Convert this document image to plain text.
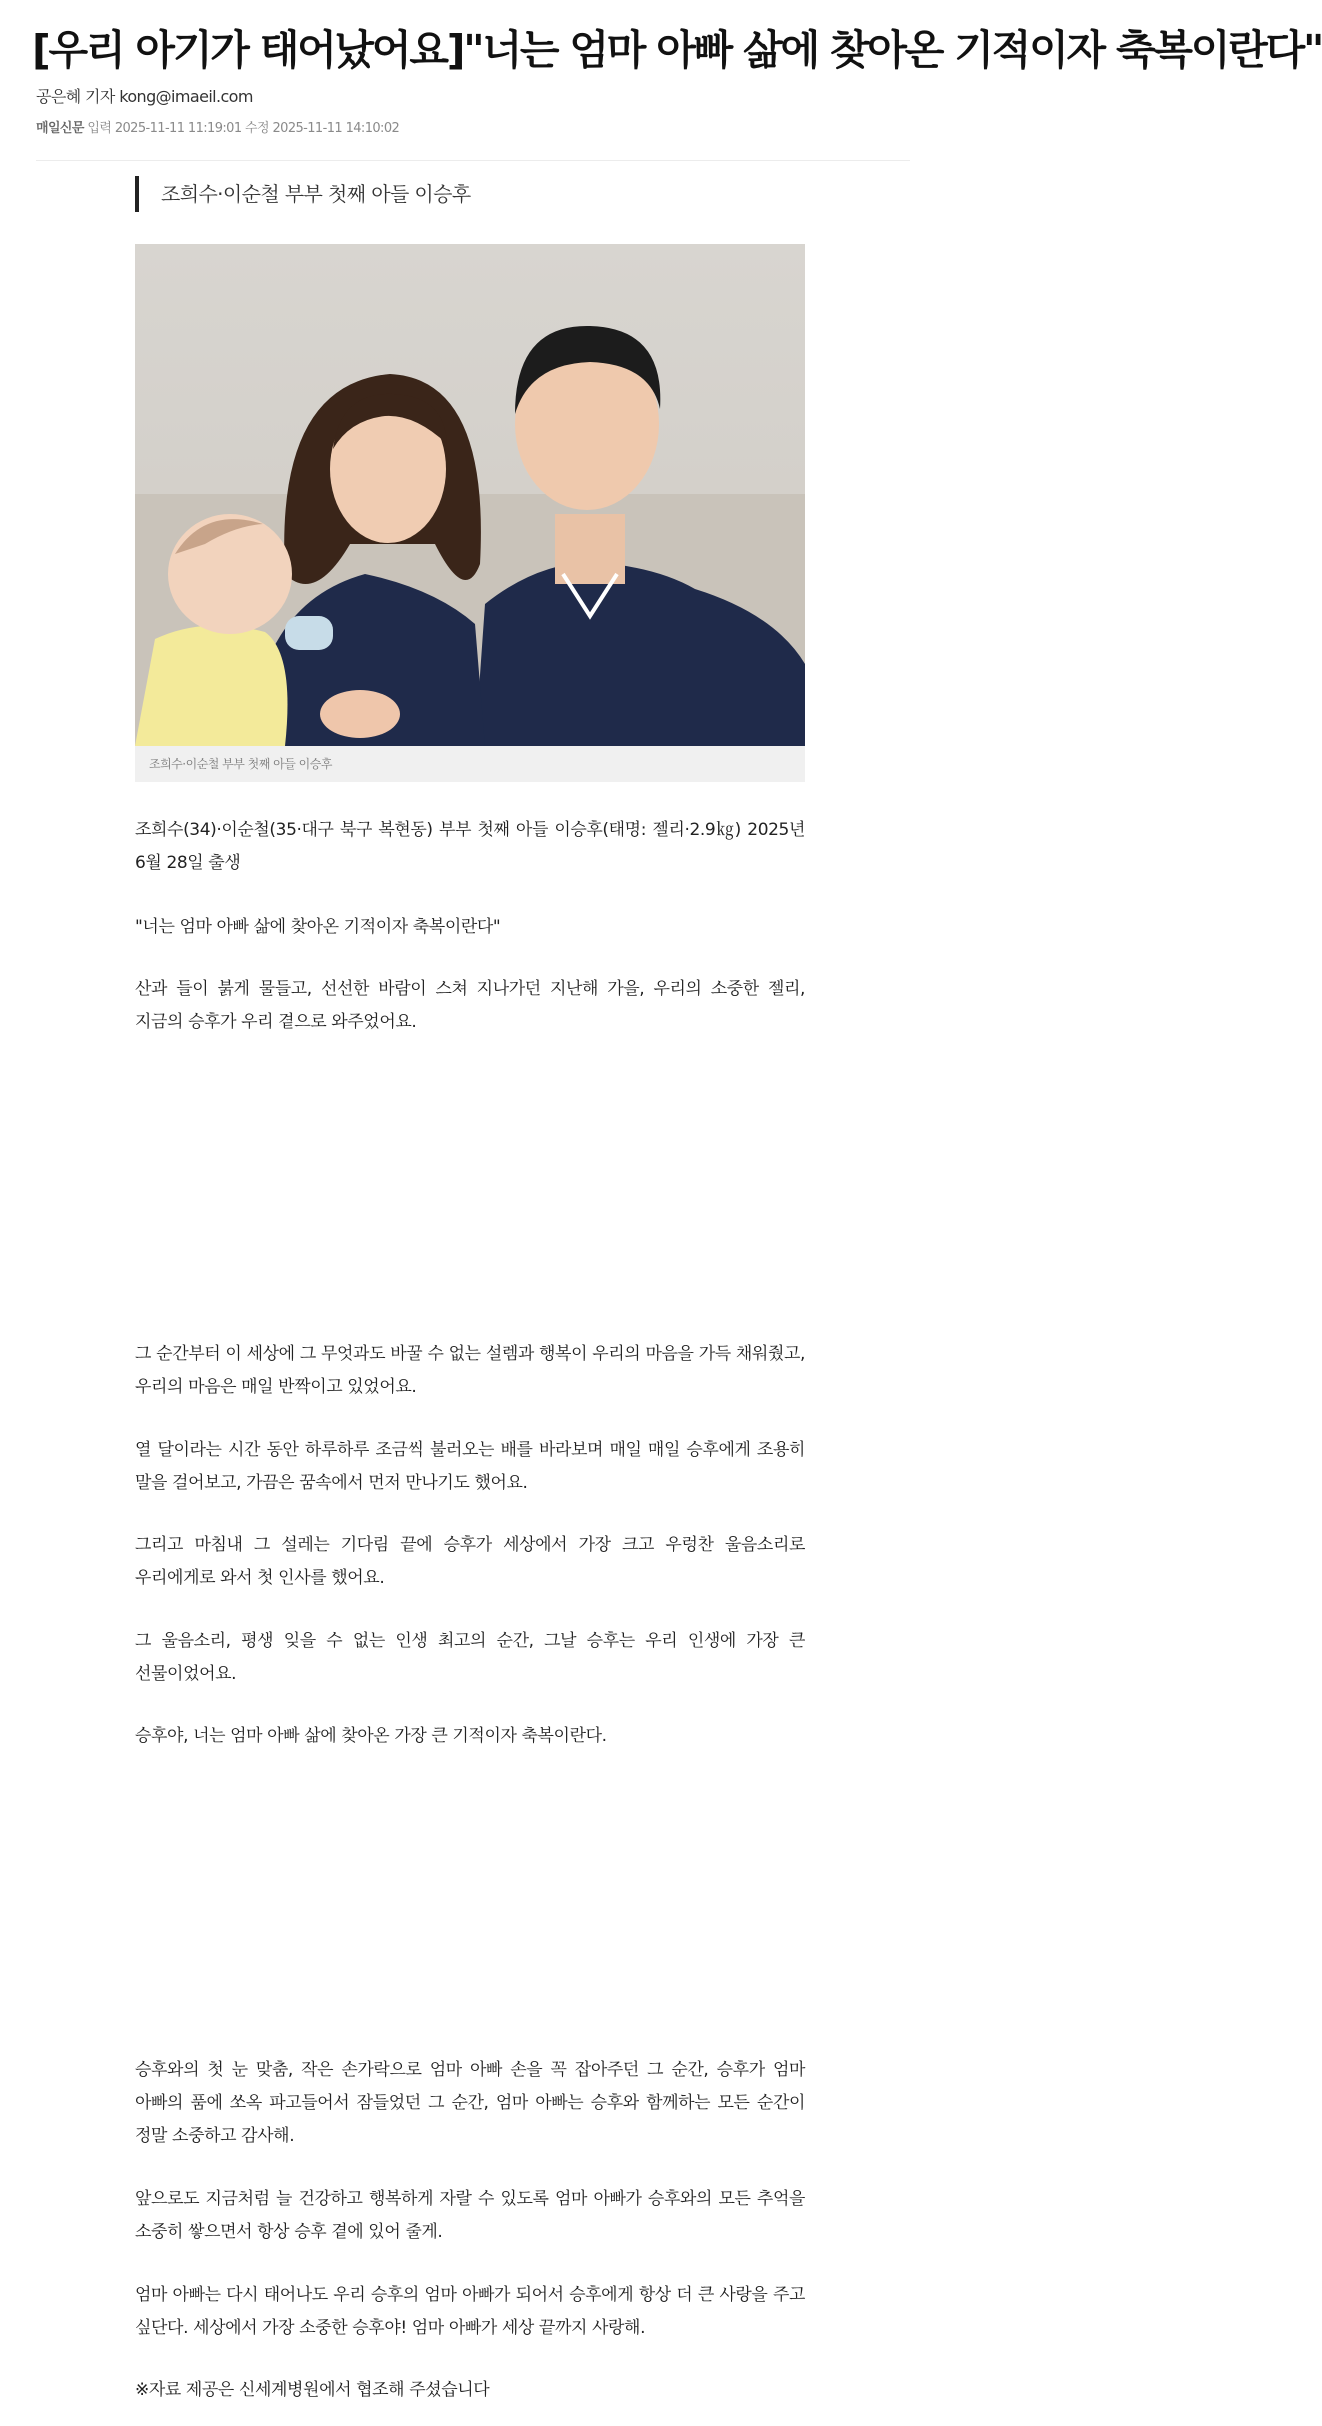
[우리 아기가 태어났어요]"너는 엄마 아빠 삶에 찾아온 기적이자 축복이란다"
공은혜 기자 kong@imaeil.com
매일신문 입력 2025-11-11 11:19:01 수정 2025-11-11 14:10:02
조희수·이순철 부부 첫째 아들 이승후
조희수·이순철 부부 첫째 아들 이승후
조희수(34)·이순철(35·대구 북구 복현동) 부부 첫째 아들 이승후(태명: 젤리·2.9㎏) 2025년 6월 28일 출생
"너는 엄마 아빠 삶에 찾아온 기적이자 축복이란다"
산과 들이 붉게 물들고, 선선한 바람이 스쳐 지나가던 지난해 가을, 우리의 소중한 젤리, 지금의 승후가 우리 곁으로 와주었어요.
그 순간부터 이 세상에 그 무엇과도 바꿀 수 없는 설렘과 행복이 우리의 마음을 가득 채워줬고, 우리의 마음은 매일 반짝이고 있었어요.
열 달이라는 시간 동안 하루하루 조금씩 불러오는 배를 바라보며 매일 매일 승후에게 조용히 말을 걸어보고, 가끔은 꿈속에서 먼저 만나기도 했어요.
그리고 마침내 그 설레는 기다림 끝에 승후가 세상에서 가장 크고 우렁찬 울음소리로 우리에게로 와서 첫 인사를 했어요.
그 울음소리, 평생 잊을 수 없는 인생 최고의 순간, 그날 승후는 우리 인생에 가장 큰 선물이었어요.
승후야, 너는 엄마 아빠 삶에 찾아온 가장 큰 기적이자 축복이란다.
승후와의 첫 눈 맞춤, 작은 손가락으로 엄마 아빠 손을 꼭 잡아주던 그 순간, 승후가 엄마 아빠의 품에 쏘옥 파고들어서 잠들었던 그 순간, 엄마 아빠는 승후와 함께하는 모든 순간이 정말 소중하고 감사해.
앞으로도 지금처럼 늘 건강하고 행복하게 자랄 수 있도록 엄마 아빠가 승후와의 모든 추억을 소중히 쌓으면서 항상 승후 곁에 있어 줄게.
엄마 아빠는 다시 태어나도 우리 승후의 엄마 아빠가 되어서 승후에게 항상 더 큰 사랑을 주고 싶단다. 세상에서 가장 소중한 승후야! 엄마 아빠가 세상 끝까지 사랑해.
※자료 제공은 신세계병원에서 협조해 주셨습니다
